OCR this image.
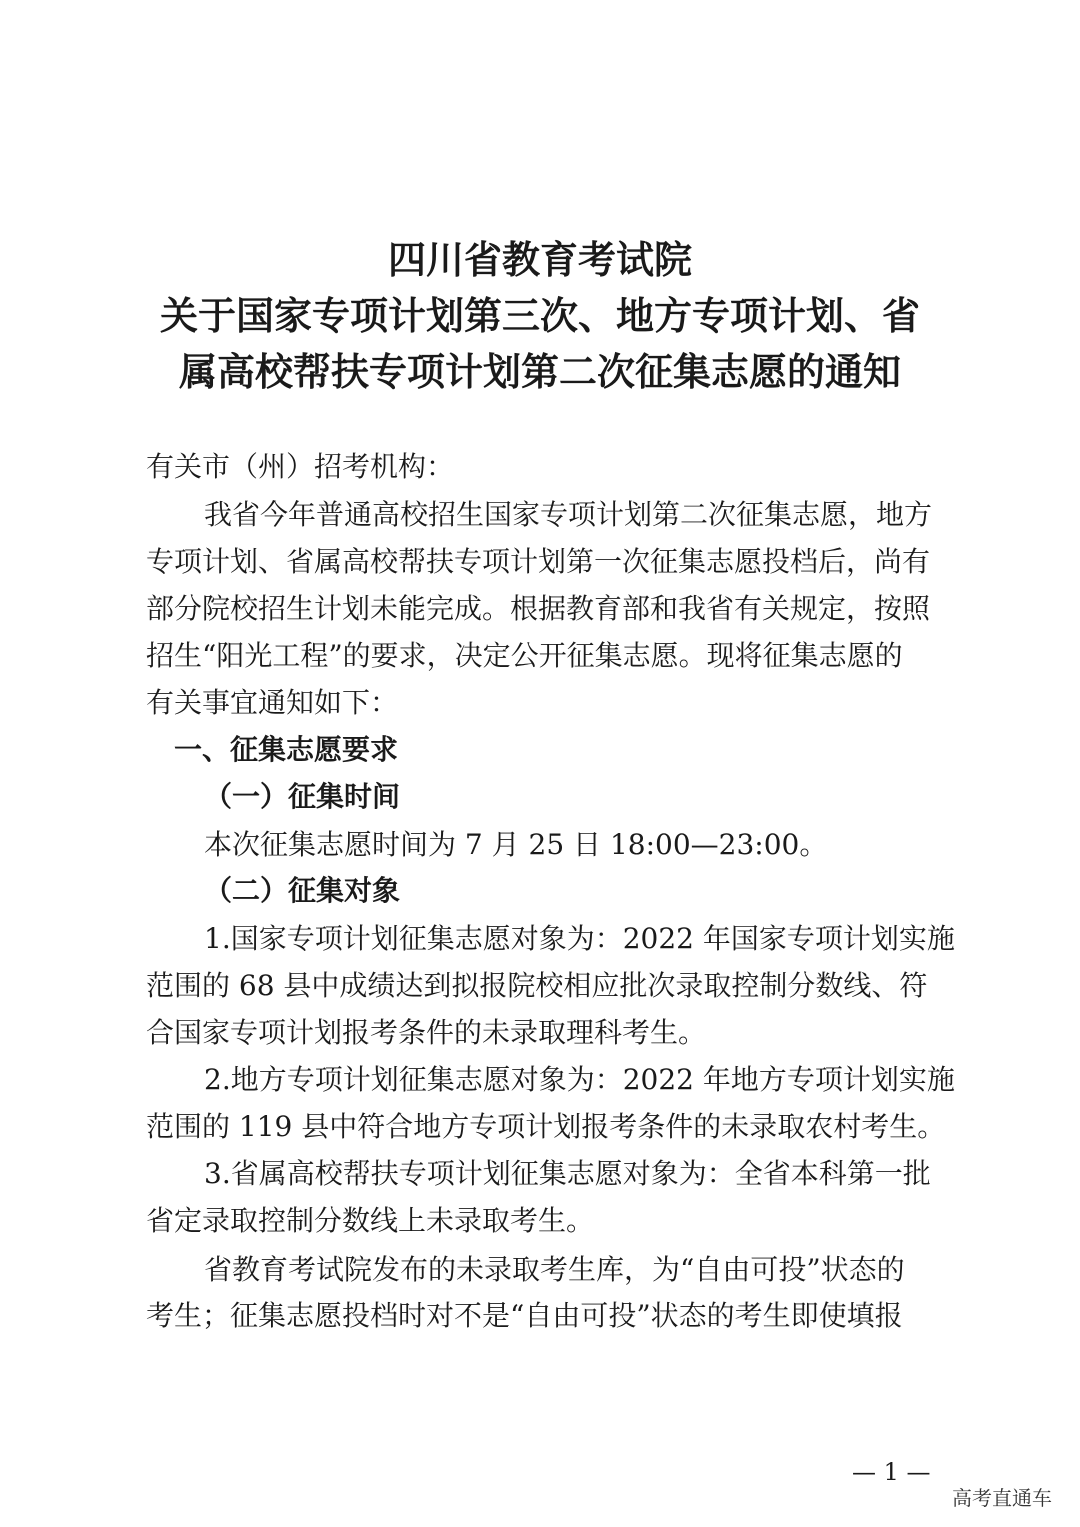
四川省教育考试院
关于国家专项计划第三次、地方专项计划、省
属高校帮扶专项计划第二次征集志愿的通知
有关市（州）招考机构：
我省今年普通高校招生国家专项计划第二次征集志愿，地方
专项计划、省属高校帮扶专项计划第一次征集志愿投档后，尚有
部分院校招生计划未能完成。根据教育部和我省有关规定，按照
招生“阳光工程”的要求，决定公开征集志愿。现将征集志愿的
有关事宜通知如下：
一、征集志愿要求
（一）征集时间
本次征集志愿时间为 7 月 25 日 18:00—23:00。
（二）征集对象
1.国家专项计划征集志愿对象为：2022 年国家专项计划实施
范围的 68 县中成绩达到拟报院校相应批次录取控制分数线、符
合国家专项计划报考条件的未录取理科考生。
2.地方专项计划征集志愿对象为：2022 年地方专项计划实施
范围的 119 县中符合地方专项计划报考条件的未录取农村考生。
3.省属高校帮扶专项计划征集志愿对象为：全省本科第一批
省定录取控制分数线上未录取考生。
省教育考试院发布的未录取考生库，为“自由可投”状态的
考生；征集志愿投档时对不是“自由可投”状态的考生即使填报
— 1 —
高考直通车
